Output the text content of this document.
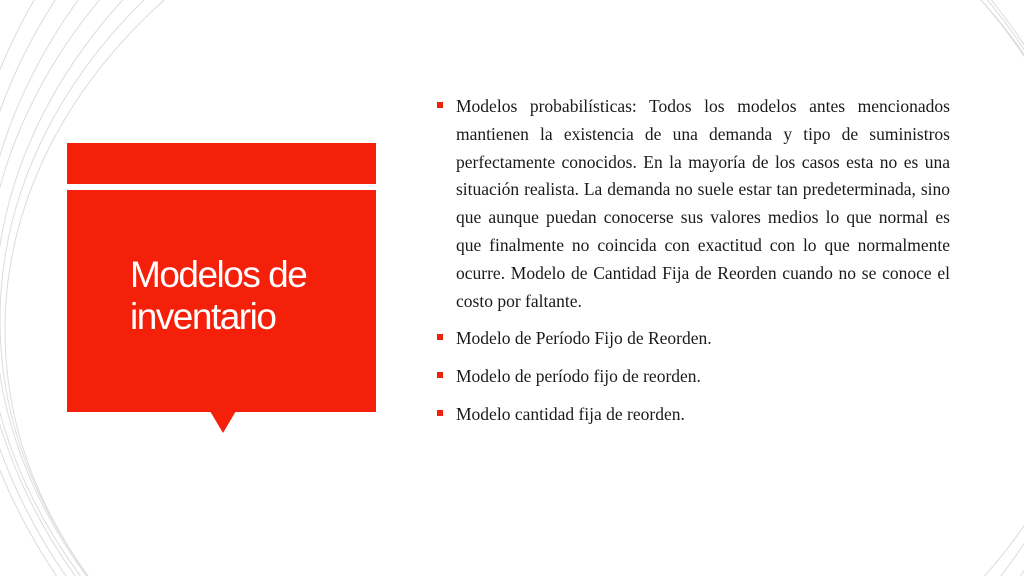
Modelos de inventario
Modelos probabilísticas: Todos los modelos antes mencionados mantienen la existencia de una demanda y tipo de suministros perfectamente conocidos. En la mayoría de los casos esta no es una situación realista. La demanda no suele estar tan predeterminada, sino que aunque puedan conocerse sus valores medios lo que normal es que finalmente no coincida con exactitud con lo que normalmente ocurre. Modelo de Cantidad Fija de Reorden cuando no se conoce el costo por faltante.
Modelo de Período Fijo de Reorden.
Modelo de período fijo de reorden.
Modelo cantidad fija de reorden.
